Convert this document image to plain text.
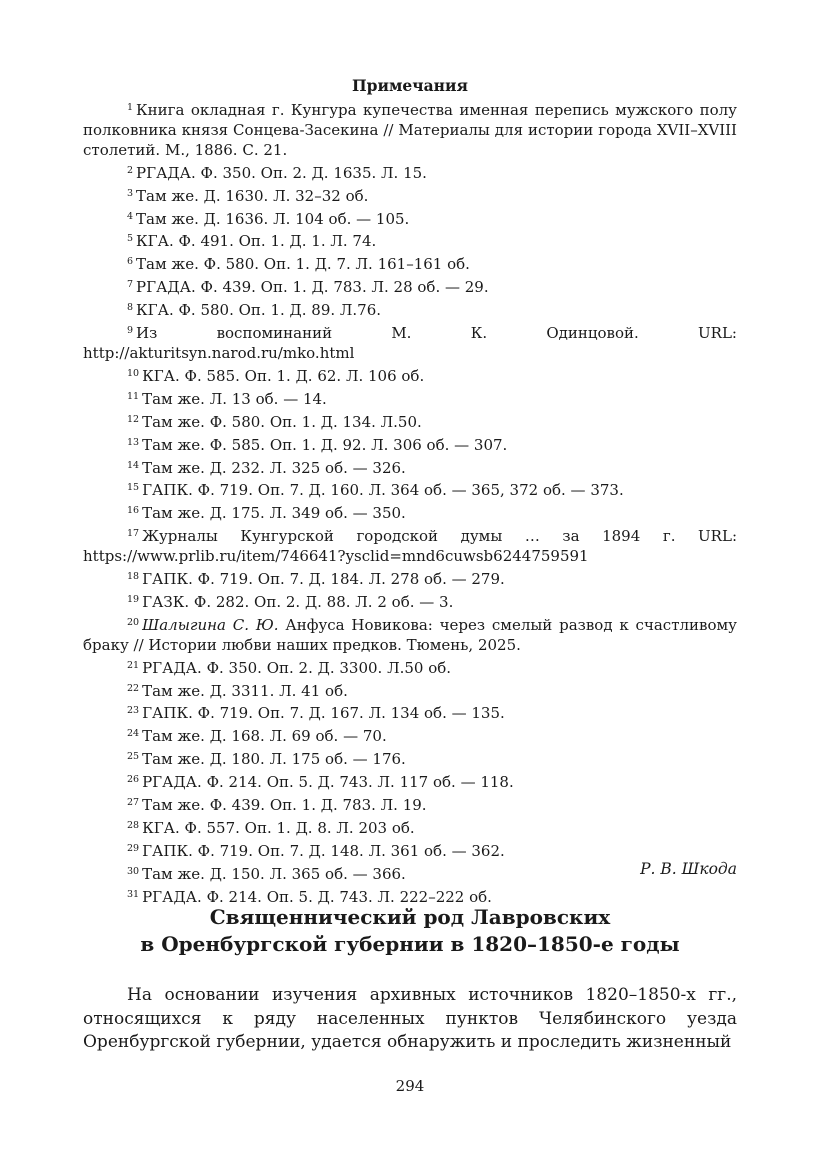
Примечания

$^1$ Книга окладная г. Кунгура купечества именная перепись мужского полу полковника князя Сонцева-Засекина // Материалы для истории города XVII–XVIII столетий. М., 1886. С. 21.

$^2$ РГАДА. Ф. 350. Оп. 2. Д. 1635. Л. 15.

$^3$ Там же. Д. 1630. Л. 32–32 об.

$^4$ Там же. Д. 1636. Л. 104 об. — 105.

$^5$ КГА. Ф. 491. Оп. 1. Д. 1. Л. 74.

$^6$ Там же. Ф. 580. Оп. 1. Д. 7. Л. 161–161 об.

$^7$ РГАДА. Ф. 439. Оп. 1. Д. 783. Л. 28 об. — 29.

$^8$ КГА. Ф. 580. Оп. 1. Д. 89. Л.76.

$^9$ Из воспоминаний М. К. Одинцовой. URL: http://akturitsyn.narod.ru/mko.html

$^{10}$ КГА. Ф. 585. Оп. 1. Д. 62. Л. 106 об.

$^{11}$ Там же. Л. 13 об. — 14.

$^{12}$ Там же. Ф. 580. Оп. 1. Д. 134. Л.50.

$^{13}$ Там же. Ф. 585. Оп. 1. Д. 92. Л. 306 об. — 307.

$^{14}$ Там же. Д. 232. Л. 325 об. — 326.

$^{15}$ ГАПК. Ф. 719. Оп. 7. Д. 160. Л. 364 об. — 365, 372 об. — 373.

$^{16}$ Там же. Д. 175. Л. 349 об. — 350.

$^{17}$ Журналы Кунгурской городской думы … за 1894 г. URL: https://www.prlib.ru/item/746641?ysclid=mnd6cuwsb6244759591

$^{18}$ ГАПК. Ф. 719. Оп. 7. Д. 184. Л. 278 об. — 279.

$^{19}$ ГАЗК. Ф. 282. Оп. 2. Д. 88. Л. 2 об. — 3.

$^{20}$ Шалыгина С. Ю. Анфуса Новикова: через смелый развод к счастливому браку // Истории любви наших предков. Тюмень, 2025.

$^{21}$ РГАДА. Ф. 350. Оп. 2. Д. 3300. Л.50 об.

$^{22}$ Там же. Д. 3311. Л. 41 об.

$^{23}$ ГАПК. Ф. 719. Оп. 7. Д. 167. Л. 134 об. — 135.

$^{24}$ Там же. Д. 168. Л. 69 об. — 70.

$^{25}$ Там же. Д. 180. Л. 175 об. — 176.

$^{26}$ РГАДА. Ф. 214. Оп. 5. Д. 743. Л. 117 об. — 118.

$^{27}$ Там же. Ф. 439. Оп. 1. Д. 783. Л. 19.

$^{28}$ КГА. Ф. 557. Оп. 1. Д. 8. Л. 203 об.

$^{29}$ ГАПК. Ф. 719. Оп. 7. Д. 148. Л. 361 об. — 362.

$^{30}$ Там же. Д. 150. Л. 365 об. — 366.

$^{31}$ РГАДА. Ф. 214. Оп. 5. Д. 743. Л. 222–222 об.

Р. В. Шкода
Священнический род Лавровских
в Оренбургской губернии в 1820–1850-е годы

На основании изучения архивных источников 1820–1850-х гг., относящихся к ряду населенных пунктов Челябинского уезда Оренбургской губернии, удается обнаружить и проследить жизненный

294
